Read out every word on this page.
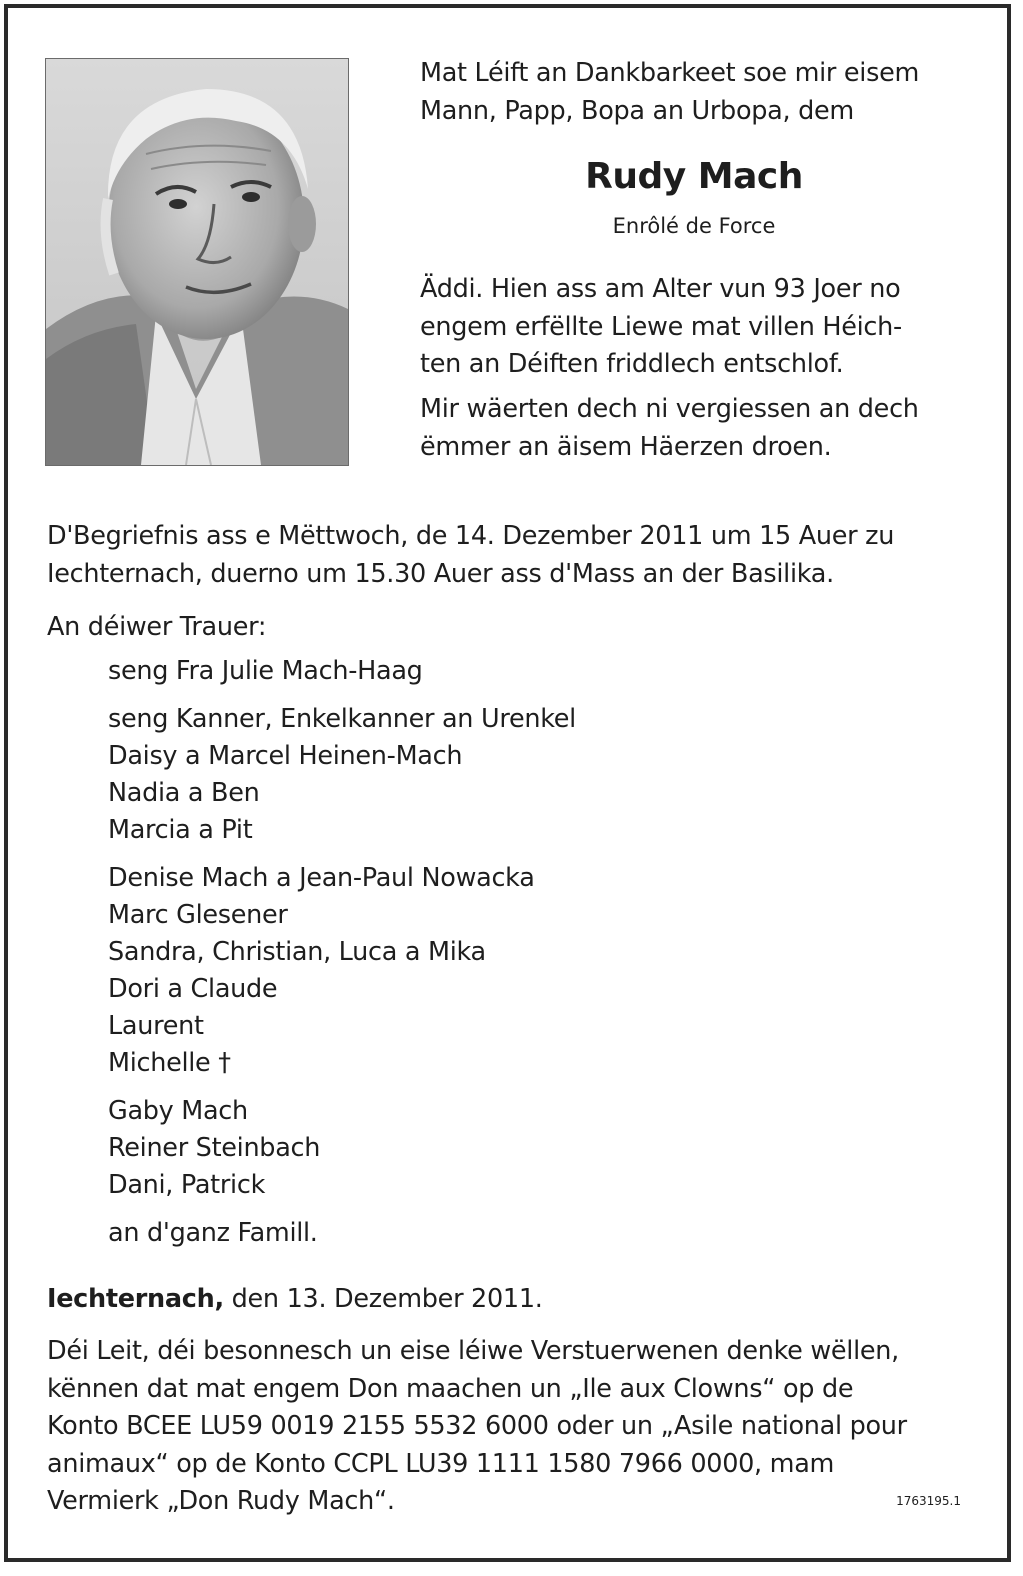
Mat Léift an Dankbarkeet soe mir eisem
Mann, Papp, Bopa an Urbopa, dem
Rudy Mach
Enrôlé de Force
Äddi. Hien ass am Alter vun 93 Joer no
engem erfëllte Liewe mat villen Héich-
ten an Déiften friddlech entschlof.
Mir wäerten dech ni vergiessen an dech
ëmmer an äisem Häerzen droen.
D'Begriefnis ass e Mëttwoch, de 14. Dezember 2011 um 15 Auer zu
Iechternach, duerno um 15.30 Auer ass d'Mass an der Basilika.
An déiwer Trauer:
seng Fra Julie Mach-Haag
seng Kanner, Enkelkanner an Urenkel
Daisy a Marcel Heinen-Mach
Nadia a Ben
Marcia a Pit
Denise Mach a Jean-Paul Nowacka
Marc Glesener
Sandra, Christian, Luca a Mika
Dori a Claude
Laurent
Michelle †
Gaby Mach
Reiner Steinbach
Dani, Patrick
an d'ganz Famill.
Iechternach, den 13. Dezember 2011.
Déi Leit, déi besonnesch un eise léiwe Verstuerwenen denke wëllen,
kënnen dat mat engem Don maachen un „Ile aux Clowns“ op de
Konto BCEE LU59 0019 2155 5532 6000 oder un „Asile national pour
animaux“ op de Konto CCPL LU39 1111 1580 7966 0000, mam
Vermierk „Don Rudy Mach“.	1763195.1
